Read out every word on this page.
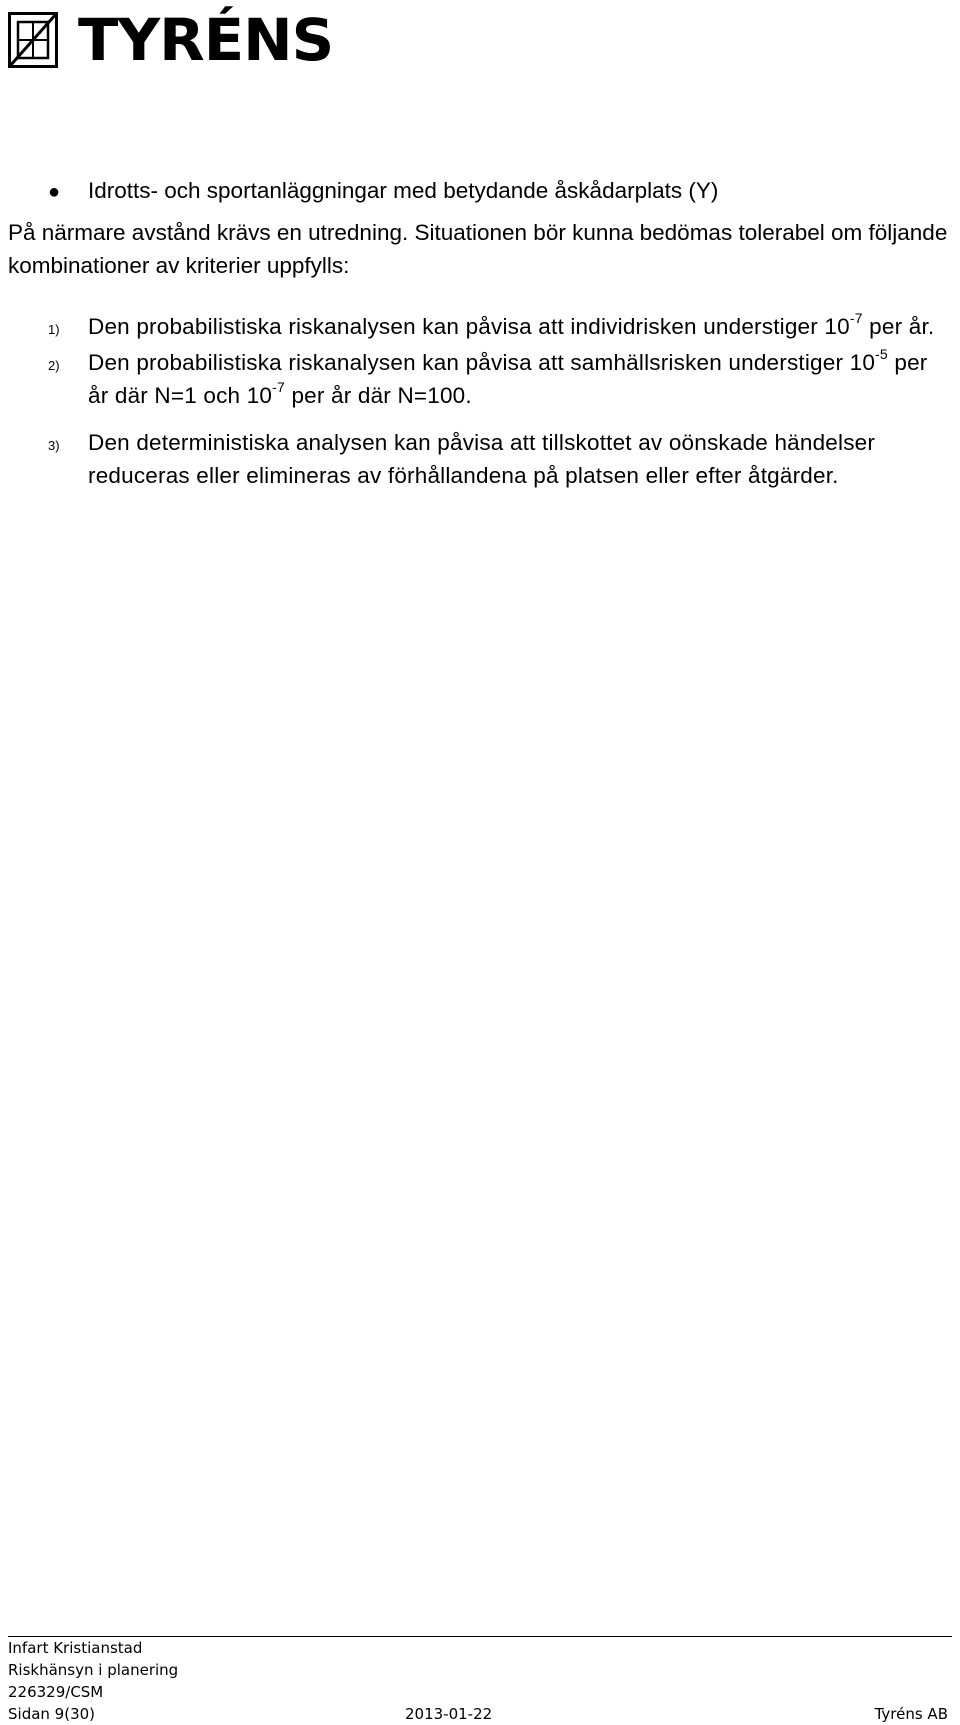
TYRÉNS
●	Idrotts- och sportanläggningar med betydande åskådarplats (Y)
På närmare avstånd krävs en utredning. Situationen bör kunna bedömas tolerabel om följande kombinationer av kriterier uppfylls:
1)	Den probabilistiska riskanalysen kan påvisa att individrisken understiger $10^{-7}$ per år.
2)	Den probabilistiska riskanalysen kan påvisa att samhällsrisken understiger $10^{-5}$ per år där N=1 och $10^{-7}$ per år där N=100.
3)	Den deterministiska analysen kan påvisa att tillskottet av oönskade händelser reduceras eller elimineras av förhållandena på platsen eller efter åtgärder.
Infart Kristianstad
Riskhänsyn i planering
226329/CSM
Sidan 9(30)	2013-01-22	Tyréns AB
